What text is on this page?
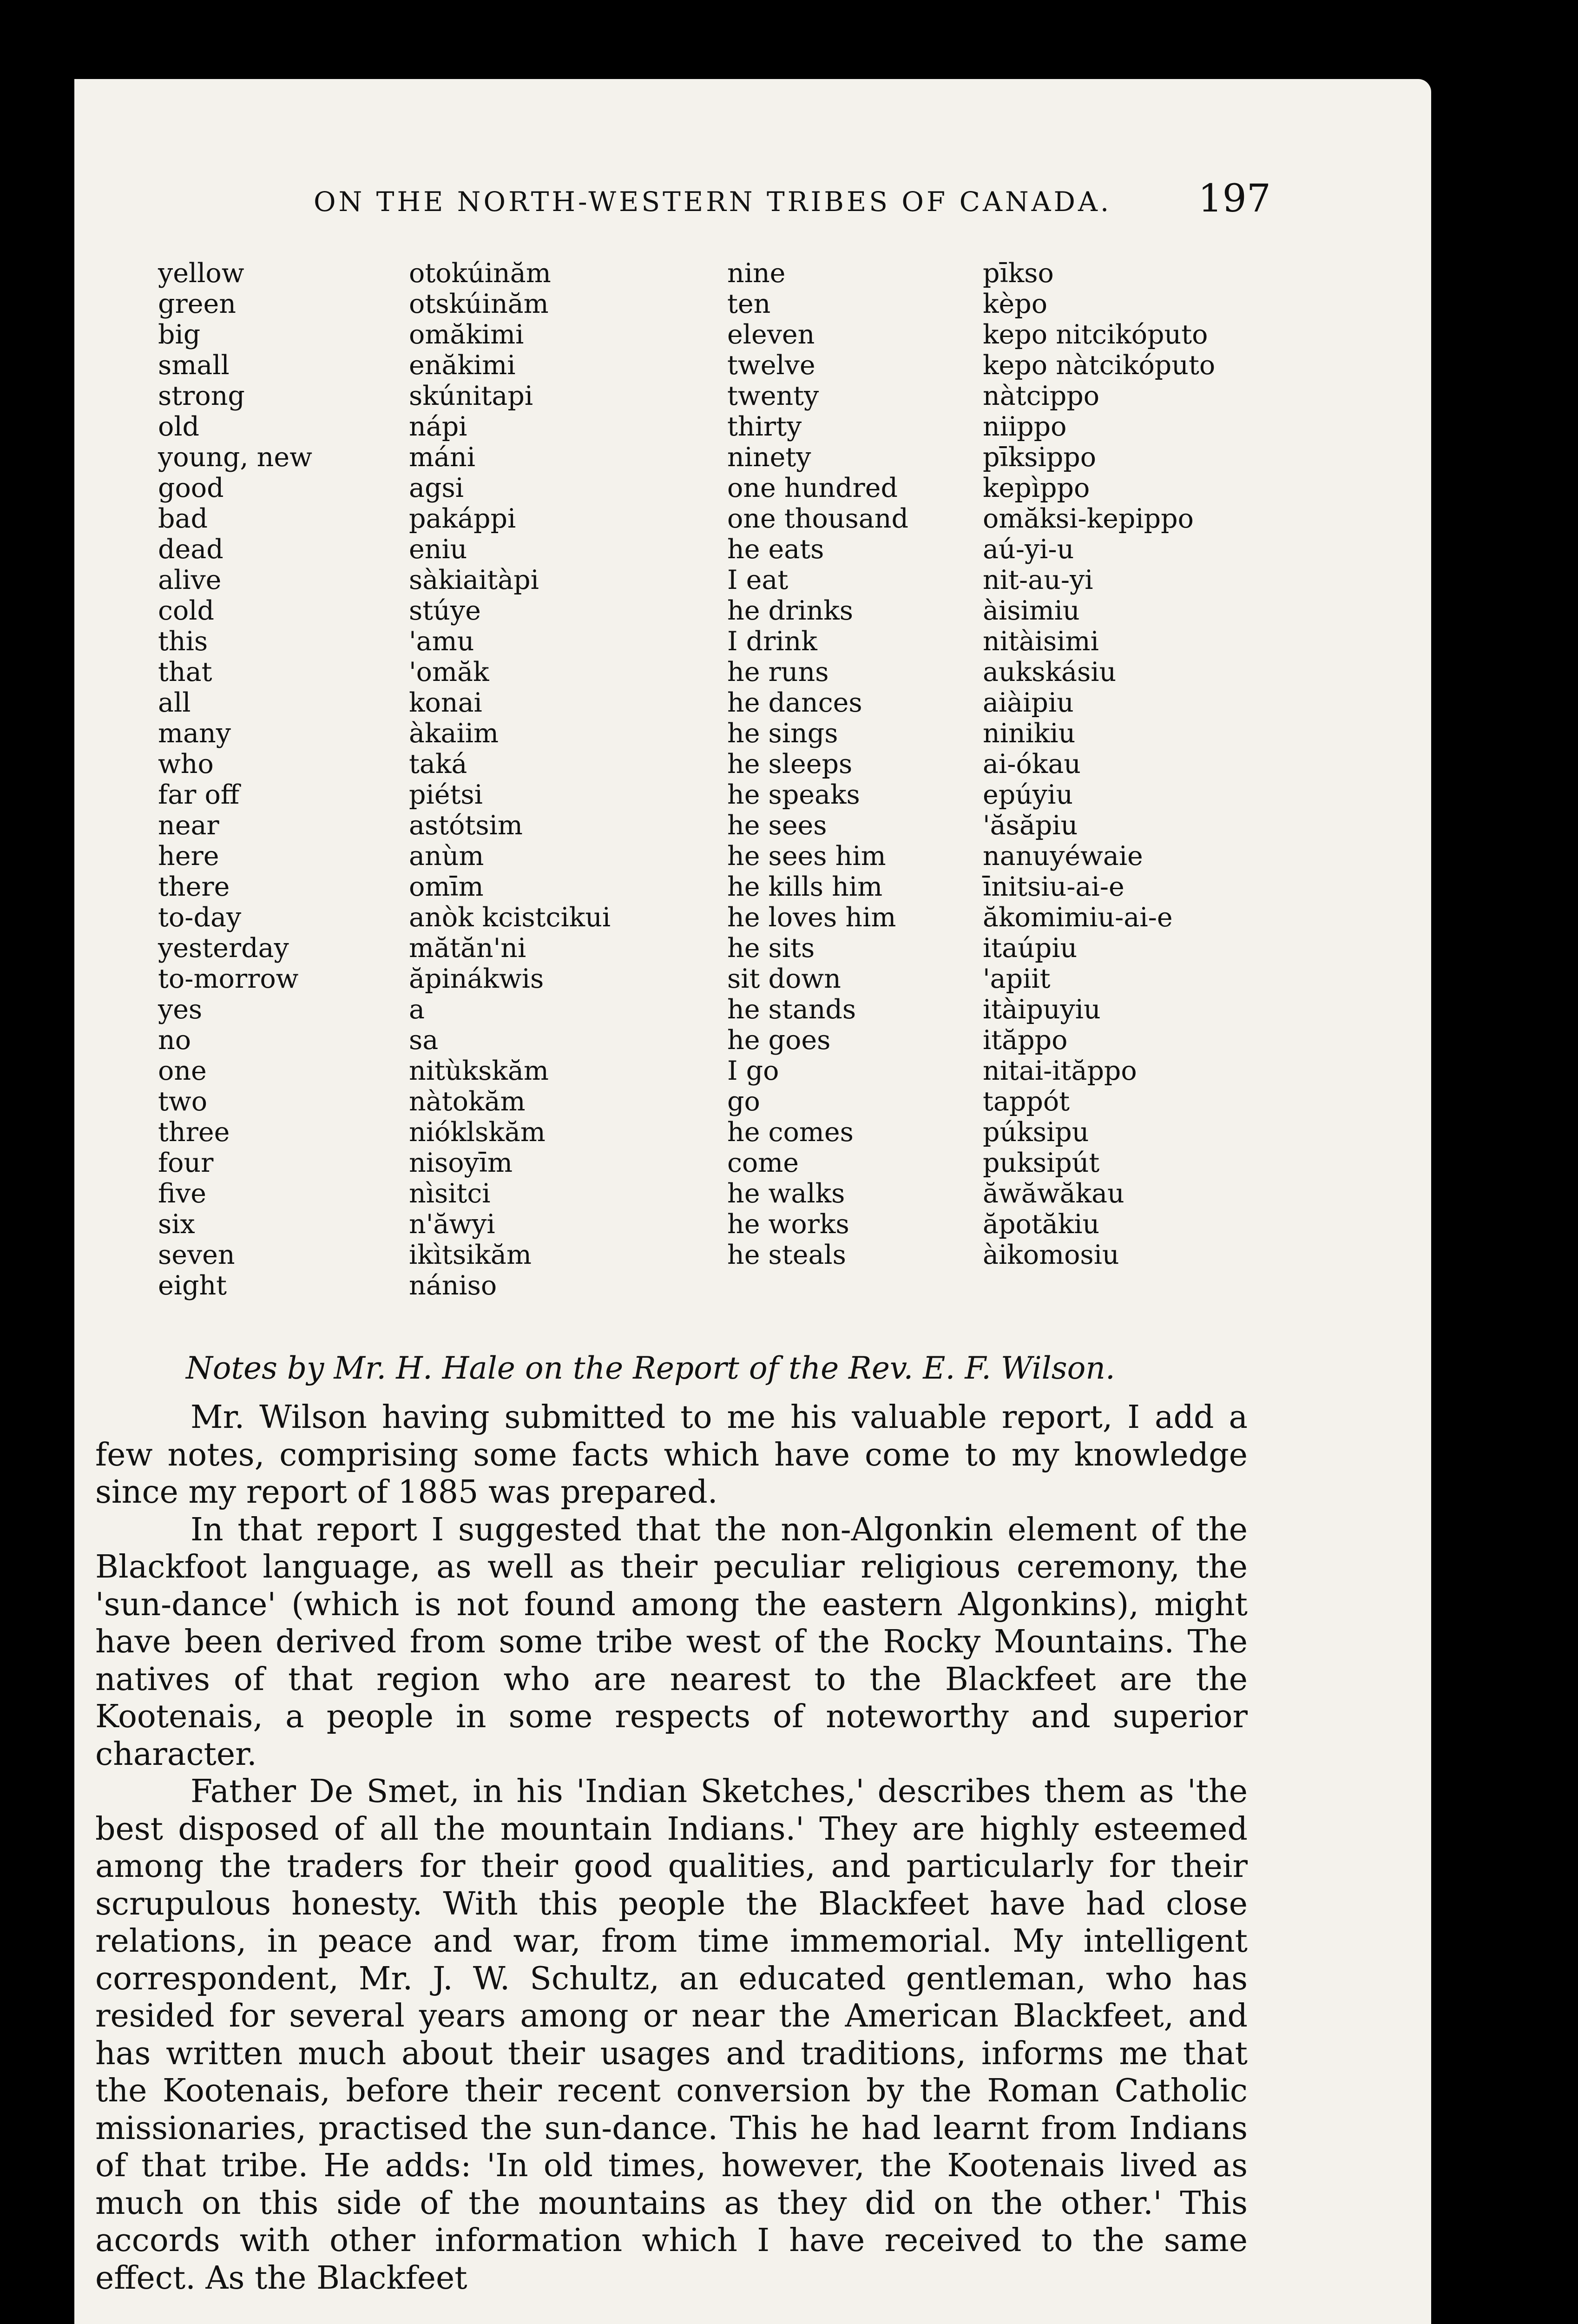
ON THE NORTH-WESTERN TRIBES OF CANADA. 197
yellow
green
big
small
strong
old
young, new
good
bad
dead
alive
cold
this
that
all
many
who
far off
near
here
there
to-day
yesterday
to-morrow
yes
no
one
two
three
four
five
six
seven
eight
otokúinăm
otskúinăm
omăkimi
enăkimi
skúnitapi
nápi
máni
agsi
pakáppi
eniu
sàkiaitàpi
stúye
'amu
'omăk
konai
àkaiim
taká
piétsi
astótsim
anùm
omīm
anòk kcistcikui
mătăn'ni
ăpinákwis
a
sa
nitùkskăm
nàtokăm
nióklskăm
nisoyīm
nìsitci
n'ăwyi
ikìtsikăm
nániso
nine
ten
eleven
twelve
twenty
thirty
ninety
one hundred
one thousand
he eats
I eat
he drinks
I drink
he runs
he dances
he sings
he sleeps
he speaks
he sees
he sees him
he kills him
he loves him
he sits
sit down
he stands
he goes
I go
go
he comes
come
he walks
he works
he steals
pīkso
kèpo
kepo nitcikóputo
kepo nàtcikóputo
nàtcippo
niippo
pīksippo
kepìppo
omăksi-kepippo
aú-yi-u
nit-au-yi
àisimiu
nitàisimi
aukskásiu
aiàipiu
ninikiu
ai-ókau
epúyiu
'ăsăpiu
nanuyéwaie
īnitsiu-ai-e
ăkomimiu-ai-e
itaúpiu
'apiit
itàipuyiu
ităppo
nitai-ităppo
tappót
púksipu
puksipút
ăwăwăkau
ăpotăkiu
àikomosiu
Notes by Mr. H. Hale on the Report of the Rev. E. F. Wilson.

Mr. Wilson having submitted to me his valuable report, I add a few notes, comprising some facts which have come to my knowledge since my report of 1885 was prepared.

In that report I suggested that the non-Algonkin element of the Blackfoot language, as well as their peculiar religious ceremony, the 'sun-dance' (which is not found among the eastern Algonkins), might have been derived from some tribe west of the Rocky Mountains. The natives of that region who are nearest to the Blackfeet are the Kootenais, a people in some respects of noteworthy and superior character.

Father De Smet, in his 'Indian Sketches,' describes them as 'the best disposed of all the mountain Indians.' They are highly esteemed among the traders for their good qualities, and particularly for their scrupulous honesty. With this people the Blackfeet have had close relations, in peace and war, from time immemorial. My intelligent correspondent, Mr. J. W. Schultz, an educated gentleman, who has resided for several years among or near the American Blackfeet, and has written much about their usages and traditions, informs me that the Kootenais, before their recent conversion by the Roman Catholic missionaries, practised the sun-dance. This he had learnt from Indians of that tribe. He adds: 'In old times, however, the Kootenais lived as much on this side of the mountains as they did on the other.' This accords with other information which I have received to the same effect. As the Blackfeet
